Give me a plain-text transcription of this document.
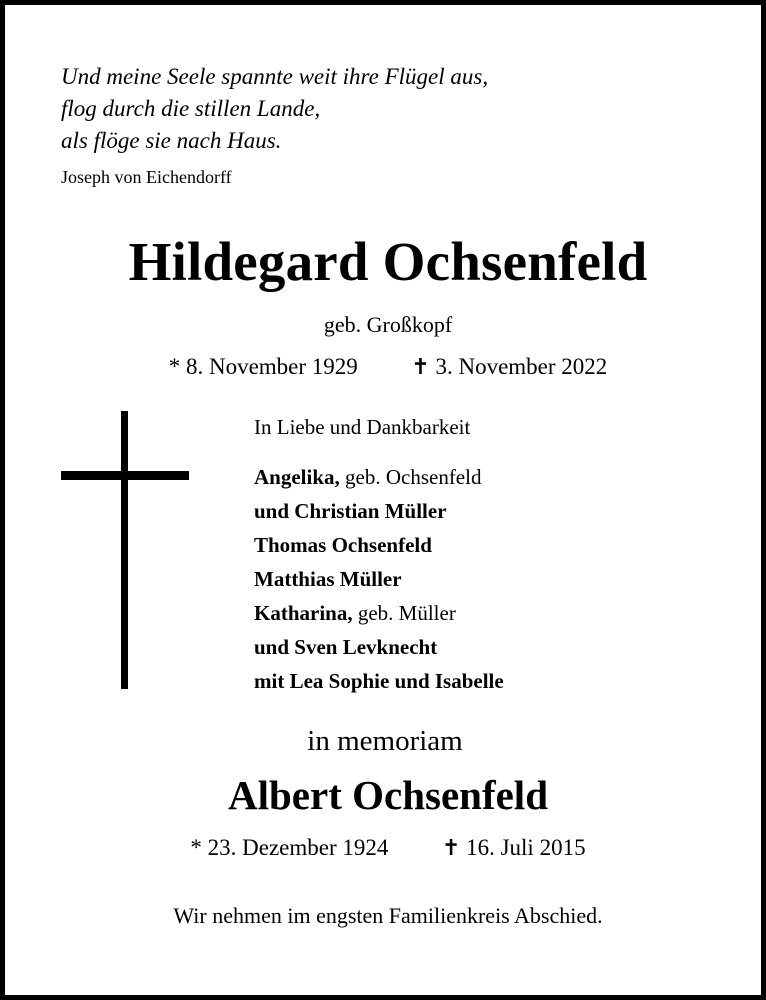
Und meine Seele spannte weit ihre Flügel aus,
flog durch die stillen Lande,
als flöge sie nach Haus.
Joseph von Eichendorff
Hildegard Ochsenfeld
geb. Großkopf
* 8. November 1929 ✝ 3. November 2022
In Liebe und Dankbarkeit
Angelika, geb. Ochsenfeld
und Christian Müller
Thomas Ochsenfeld
Matthias Müller
Katharina, geb. Müller
und Sven Levknecht
mit Lea Sophie und Isabelle
in memoriam
Albert Ochsenfeld
* 23. Dezember 1924 ✝ 16. Juli 2015
Wir nehmen im engsten Familienkreis Abschied.
